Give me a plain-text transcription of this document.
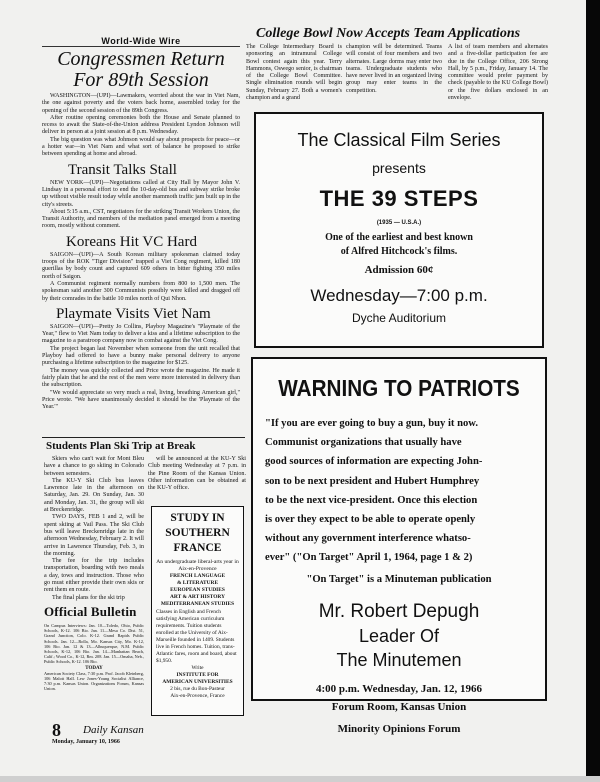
World-Wide Wire
Congressmen Return
For 89th Session

WASHINGTON—(UPI)—Lawmakers, worried about the war in Viet Nam, the one against poverty and the voters back home, assembled today for the opening of the second session of the 89th Congress.

After routine opening ceremonies both the House and Senate planned to recess to await the State-of-the-Union address President Lyndon Johnson will deliver in person at a joint session at 8 p.m. Wednesday.

The big question was what Johnson would say about prospects for peace—or a hotter war—in Viet Nam and what sort of balance he proposed to strike between spending at home and abroad.

Transit Talks Stall

NEW YORK—(UPI)—Negotiations called at City Hall by Mayor John V. Lindsay in a personal effort to end the 10-day-old bus and subway strike broke up without visible result today while another mammoth traffic jam built up in the city's streets.

About 5:15 a.m., CST, negotiators for the striking Transit Workers Union, the Transit Authority, and members of the mediation panel emerged from a meeting room, mostly without comment.

Koreans Hit VC Hard

SAIGON—(UPI)—A South Korean military spokesman claimed today troops of the ROK "Tiger Division" trapped a Viet Cong regiment, killed 180 guerillas by body count and captured 609 others in bitter fighting 350 miles north of Saigon.

A Communist regiment normally numbers from 800 to 1,500 men. The spokesman said another 300 Communists possibly were killed and dragged off by their comrades in the battle 10 miles north of Qui Nhon.

Playmate Visits Viet Nam

SAIGON—(UPI)—Pretty Jo Collins, Playboy Magazine's "Playmate of the Year," flew to Viet Nam today to deliver a kiss and a lifetime subscription to the magazine to a paratroop company now in combat against the Viet Cong.

The project began last November when someone from the unit recalled that Playboy had offered to have a bunny make personal delivery to anyone purchasing a lifetime subscription to the magazine for $125.

The money was quickly collected and Price wrote the magazine. He made it fairly plain that he and the rest of the men were more interested in delivery than the subscription.

"We would appreciate so very much a real, living, breathing American girl," Price wrote. "We have unanimously decided it should be the 'Playmate of the Year.'"

Students Plan Ski Trip at Break

Skiers who can't wait for Mont Bleu have a chance to go skiing in Colorado between semesters.

The KU-Y Ski Club bus leaves Lawrence late in the afternoon on Saturday, Jan. 29. On Sunday, Jan. 30 and Monday, Jan. 31, the group will ski at Breckenridge.

TWO DAYS, FEB 1 and 2, will be spent skiing at Vail Pass. The Ski Club bus will leave Breckenridge late in the afternoon Wednesday, February 2. It will arrive in Lawrence Thursday, Feb. 3, in the morning.

The fee for the trip includes transportation, boarding with two meals a day, tows and instruction. Those who go must either provide their own skis or rent them en route.

The final plans for the ski trip

will be announced at the KU-Y Ski Club meeting Wednesday at 7 p.m. in the Pine Room of the Kansas Union. Other information can be obtained at the KU-Y office.

Official Bulletin
On Campus Interviews: Jan. 10—Toledo, Ohio, Public Schools, K-12. 106 Bio. Jan. 11—Mesa Co. Dist. 51, Grand Junction, Colo. K-12. Grand Rapids Public Schools. Jan. 12—Rolla, Mo. Kansas City, Mo. K-12, 106 Bio. Jan. 12 & 13—Albuquerque, N.M. Public Schools, K-12, 106 Bio. Jan. 14—Manhattan Beach, Calif.; Wood Co., K-12, Rm. 208. Jan. 15—Omaha, Neb., Public Schools, K-12. 106 Bio.
TODAY
American Society Class, 7:30 p.m. Prof. Jacob Kleinberg, 106 Malott Hall. Lew Jones-Young Socialist Alliance, 7:30 p.m. Kansas Union. Organizations Forum, Kansas Union.
8 Daily Kansan
Monday, January 10, 1966
STUDY IN
SOUTHERN
FRANCE
An undergraduate liberal-arts year in Aix-en-Provence
FRENCH LANGUAGE
& LITERATURE
EUROPEAN STUDIES
ART & ART HISTORY
MEDITERRANEAN STUDIES
Classes in English and French satisfying American curriculum requirements. Tuition students enrolled at the University of Aix-Marseille founded in 1409. Students live in French homes. Tuition, trans-Atlantic fares, room and board, about $1,950.
Write
INSTITUTE FOR
AMERICAN UNIVERSITIES
2 bis, rue du Bon-Pasteur
Aix-en-Provence, France
College Bowl Now Accepts Team Applications
The College Intermediary Board is sponsoring an intramural College Bowl contest again this year. Terry Hammons, Oswego senior, is chairman of the College Bowl Committee. Single elimination rounds will begin Sunday, February 27. Both a women's champion and a grand
champion will be determined. Teams will consist of four members and two alternates. Large dorms may enter two teams. Undergraduate students who have never lived in an organized living group may enter teams in the competition.
A list of team members and alternates and a five-dollar participation fee are due in the College Office, 206 Strong Hall, by 5 p.m., Friday, January 14. The committee would prefer payment by check (payable to the KU College Bowl) or the five dollars enclosed in an envelope.
The Classical Film Series
presents
THE 39 STEPS
(1935 — U.S.A.)
One of the earliest and best known
of Alfred Hitchcock's films.
Admission 60¢
Wednesday—7:00 p.m.
Dyche Auditorium
WARNING TO PATRIOTS
"If you are ever going to buy a gun, buy it now.
Communist organizations that usually have
good sources of information are expecting John-
son to be next president and Hubert Humphrey
to be the next vice-president. Once this election
is over they expect to be able to operate openly
without any government interference whatso-
ever" ("On Target" April 1, 1964, page 1 & 2)
"On Target" is a Minuteman publication
Mr. Robert Depugh
Leader Of
The Minutemen
4:00 p.m. Wednesday, Jan. 12, 1966
Forum Room, Kansas Union
Minority Opinions Forum
